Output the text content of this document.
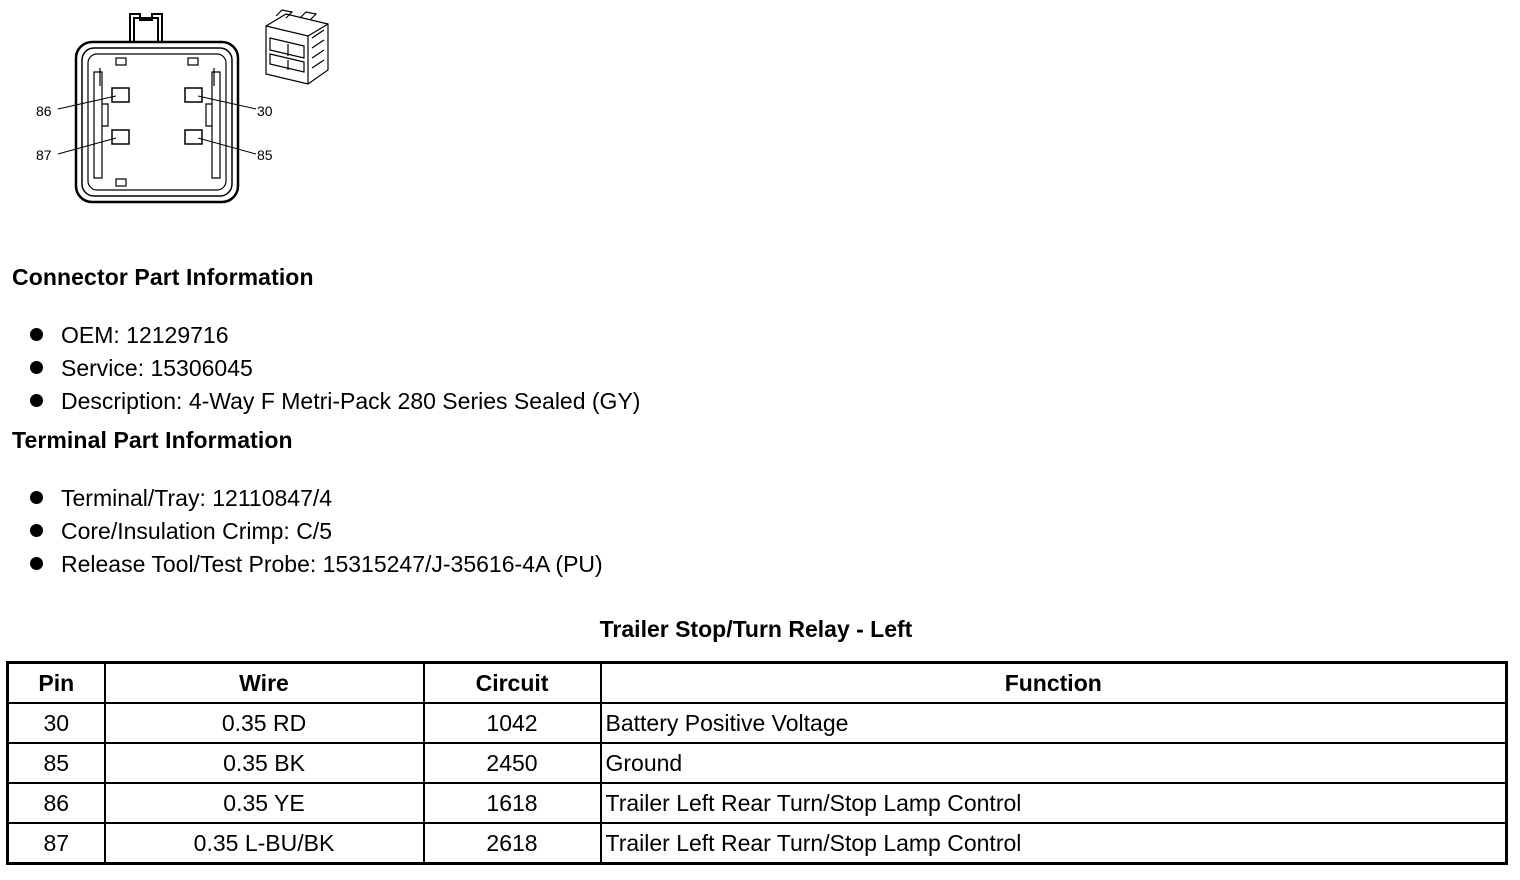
86
87
30
85
Connector Part Information
OEM: 12129716
Service: 15306045
Description: 4-Way F Metri-Pack 280 Series Sealed (GY)
Terminal Part Information
Terminal/Tray: 12110847/4
Core/Insulation Crimp: C/5
Release Tool/Test Probe: 15315247/J-35616-4A (PU)
Trailer Stop/Turn Relay - Left
Pin	Wire	Circuit	Function
30	0.35 RD	1042	Battery Positive Voltage
85	0.35 BK	2450	Ground
86	0.35 YE	1618	Trailer Left Rear Turn/Stop Lamp Control
87	0.35 L-BU/BK	2618	Trailer Left Rear Turn/Stop Lamp Control
